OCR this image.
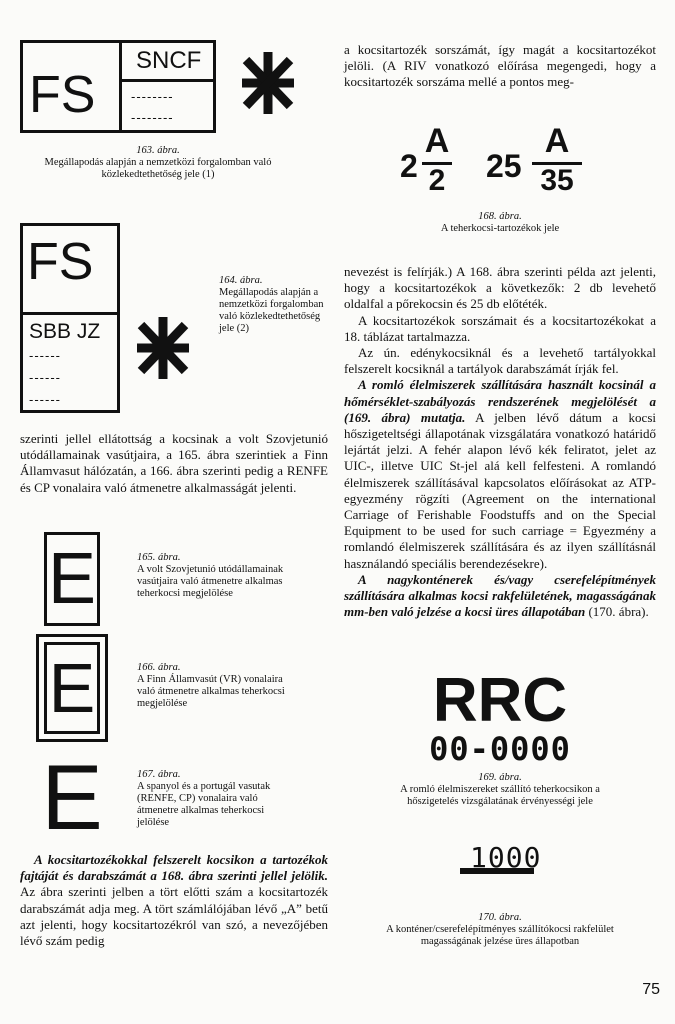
FS
SNCF
--------
--------
163. ábra.
Megállapodás alapján a nemzetközi forgalomban való közlekedtethetőség jele (1)
FS
SBB JZ
------
------
------
164. ábra.
Megállapodás alapján a nemzetközi forgalomban való közlekedtethetőség jele (2)

szerinti jellel ellátottság a kocsinak a volt Szovjetunió utódállamainak vasútjaira, a 165. ábra szerintiek a Finn Államvasut hálózatán, a 166. ábra szerinti pedig a RENFE és CP vonalaira való átmenetre alkalmasságát jelenti.

E	165. ábra.
A volt Szovjetunió utódállamainak vasútjaira való átmenetre alkalmas teherkocsi megjelölése
E	166. ábra.
A Finn Államvasút (VR) vonalaira való átmenetre alkalmas teherkocsi megjelölése
E	167. ábra.
A spanyol és a portugál vasutak (RENFE, CP) vonalaira való átmenetre alkalmas teherkocsi jelölése

A kocsitartozékokkal felszerelt kocsikon a tartozékok fajtáját és darabszámát a 168. ábra szerinti jellel jelölik. Az ábra szerinti jelben a tört előtti szám a kocsitartozék darabszámát adja meg. A tört számlálójában lévő „A” betű azt jelenti, hogy kocsitartozékról van szó, a nevezőjében lévő szám pedig

a kocsitartozék sorszámát, így magát a kocsitartozékot jelöli. (A RIV vonatkozó előírása megengedi, hogy a kocsitartozék sorszáma mellé a pontos meg-

2
A
2 25
A
35
168. ábra.
A teherkocsi-tartozékok jele

nevezést is felírják.) A 168. ábra szerinti példa azt jelenti, hogy a kocsitartozékok a következők: 2 db levehető oldalfal a pőrekocsin és 25 db előtéték.

A kocsitartozékok sorszámait és a kocsitartozékokat a 18. táblázat tartalmazza.

Az ún. edénykocsiknál és a levehető tartályokkal felszerelt kocsiknál a tartályok darabszámát írják fel.

A romló élelmiszerek szállítására használt kocsinál a hőmérséklet-szabályozás rendszerének megjelölését a (169. ábra) mutatja. A jelben lévő dátum a kocsi hőszigeteltségi állapotának vizsgálatára vonatkozó határidő lejártát jelzi. A fehér alapon lévő kék feliratot, jelet az UIC-, illetve UIC St-jel alá kell felfesteni. A romlandó élelmiszerek szállításával kapcsolatos előírásokat az ATP-egyezmény rögzíti (Agreement on the international Carriage of Ferishable Foodstuffs and on the Special Equipment to be used for such carriage = Egyezmény a romlandó élelmiszerek szállítására és az ilyen szállításnál használandó speciális berendezésekre).

A nagykonténerek és/vagy cserefelépítmények szállítására alkalmas kocsi rakfelületének, magasságának mm-ben való jelzése a kocsi üres állapotában (170. ábra).

RRC
00-0000
169. ábra.
A romló élelmiszereket szállító teherkocsikon a hőszigetelés vizsgálatának érvényességi jele
1000
170. ábra.
A konténer/cserefelépítményes szállítókocsi rakfelület magasságának jelzése üres állapotban
75
